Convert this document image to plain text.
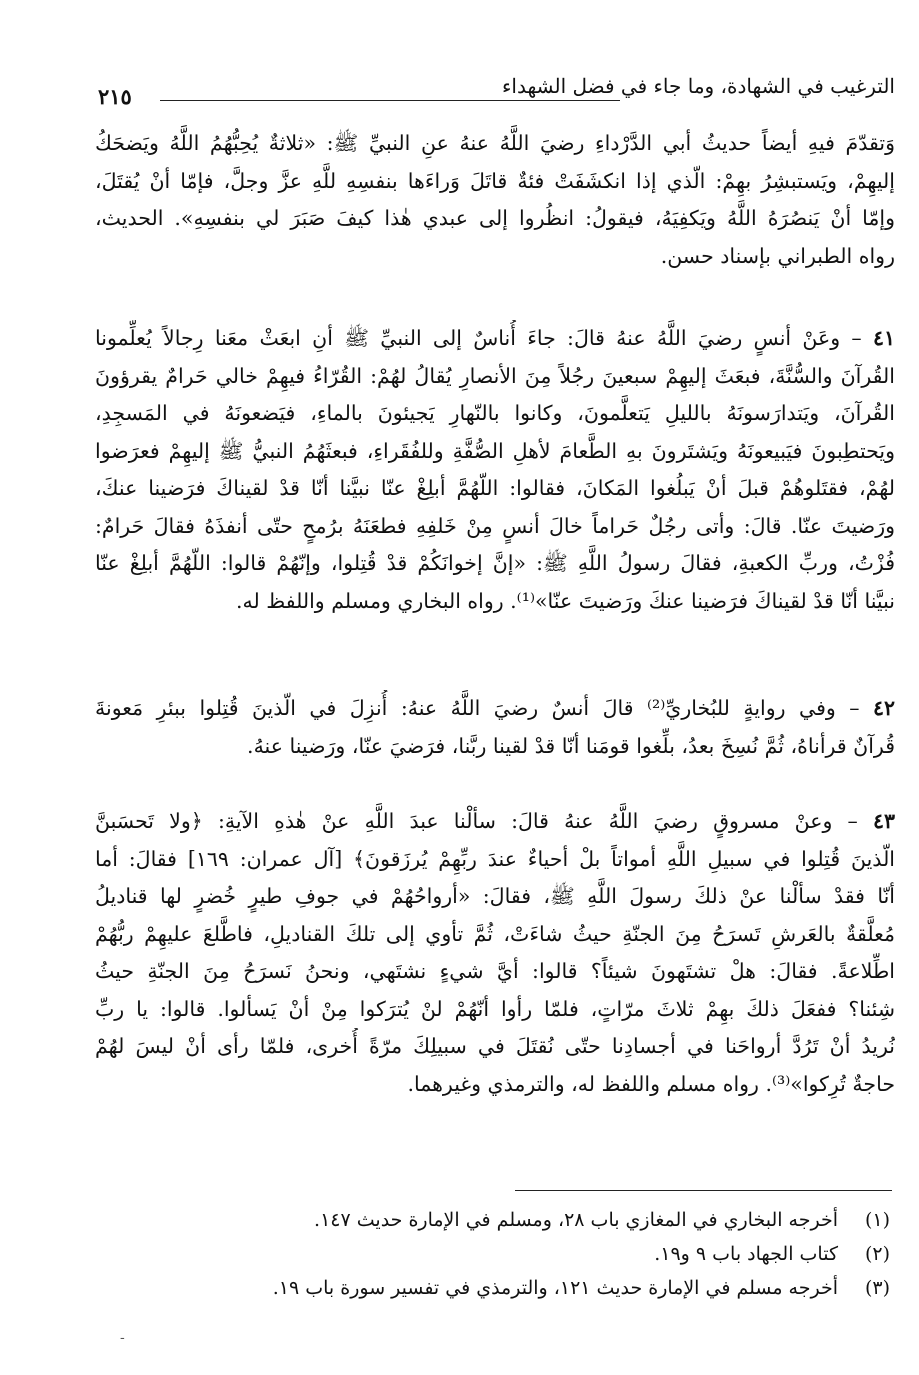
٢١٥	الترغيب في الشهادة، وما جاء في فضل الشهداء

وَتقدّمَ فيهِ أيضاً حديثُ أبي الدَّرْداءِ رضيَ اللَّهُ عنهُ عنِ النبيِّ ﷺ: «ثلاثةٌ يُحِبُّهُمُ اللَّهُ ويَضحَكُ
إليهِمْ، ويَستبشِرُ بهِمْ: الّذي إذا انكشَفَتْ فئةٌ قاتَلَ وَراءَها بنفسِهِ للَّهِ عزَّ وجلَّ، فإمّا أنْ يُقتَلَ،
وإمّا أنْ يَنصُرَهُ اللَّهُ ويَكفِيَهُ، فيقولُ: انظُروا إلى عبدي هٰذا كيفَ صَبَرَ لي بنفسِهِ». الحديث،
رواه الطبراني بإسناد حسن.

٤١ – وعَنْ أنسٍ رضيَ اللَّهُ عنهُ قالَ: جاءَ أُناسٌ إلى النبيِّ ﷺ أنِ ابعَثْ معَنا رِجالاً يُعلِّمونا
القُرآنَ والسُّنَّةَ، فبعَثَ إليهِمْ سبعينَ رجُلاً مِنَ الأنصارِ يُقالُ لهُمْ: القُرّاءُ فيهِمْ خالي حَرامٌ يقرؤونَ
القُرآنَ، ويَتدارَسونَهُ بالليلِ يَتعلَّمونَ، وكانوا بالنّهارِ يَجيئونَ بالماءِ، فيَضعونَهُ في المَسجِدِ،
ويَحتطِبونَ فيَبيعونَهُ ويَشتَرونَ بهِ الطَّعامَ لأهلِ الصُّفَّةِ وللفُقَراءِ، فبعثَهُمُ النبيُّ ﷺ إليهِمْ فعرَضوا
لهُمْ، فقتَلوهُمْ قبلَ أنْ يَبلُغوا المَكانَ، فقالوا: اللّهُمَّ أبلِغْ عنّا نبيَّنا أنّا قدْ لقيناكَ فرَضينا عنكَ،
ورَضيتَ عنّا. قالَ: وأتى رجُلٌ حَراماً خالَ أنسٍ مِنْ خَلفِهِ فطعَنَهُ برُمحٍ حتّى أنفذَهُ فقالَ حَرامٌ:
فُزْتُ، وربِّ الكعبةِ، فقالَ رسولُ اللَّهِ ﷺ: «إنَّ إخوانَكُمْ قدْ قُتِلوا، وإنّهُمْ قالوا: اللّهُمَّ أبلِغْ عنّا
نبيَّنا أنّا قدْ لقيناكَ فرَضينا عنكَ ورَضيتَ عنّا»⁽¹⁾. رواه البخاري ومسلم واللفظ له.

٤٢ – وفي روايةٍ للبُخاريِّ⁽²⁾ قالَ أنسٌ رضيَ اللَّهُ عنهُ: أُنزِلَ في الّذينَ قُتِلوا ببئرِ مَعونةَ
قُرآنٌ قرأناهُ، ثُمَّ نُسِخَ بعدُ، بلِّغوا قومَنا أنّا قدْ لقينا ربَّنا، فرَضيَ عنّا، ورَضينا عنهُ.

٤٣ – وعنْ مسروقٍ رضيَ اللَّهُ عنهُ قالَ: سألْنا عبدَ اللَّهِ عنْ هٰذهِ الآيةِ: ﴿ولا تَحسَبنَّ
الّذينَ قُتِلوا في سبيلِ اللَّهِ أمواتاً بلْ أحياءٌ عندَ ربِّهِمْ يُرزَقونَ﴾ [آل عمران: ١٦٩] فقالَ: أما
أنّا فقدْ سألْنا عنْ ذلكَ رسولَ اللَّهِ ﷺ، فقالَ: «أرواحُهُمْ في جوفِ طيرٍ خُضرٍ لها قناديلُ
مُعلَّقةٌ بالعَرشِ تَسرَحُ مِنَ الجنّةِ حيثُ شاءَتْ، ثُمَّ تأوي إلى تلكَ القناديلِ، فاطَّلعَ عليهِمْ ربُّهُمْ
اطِّلاعةً. فقالَ: هلْ تشتَهونَ شيئاً؟ قالوا: أيَّ شيءٍ نشتَهي، ونحنُ نَسرَحُ مِنَ الجنّةِ حيثُ
شِئنا؟ ففعَلَ ذلكَ بهِمْ ثلاثَ مرّاتٍ، فلمّا رأوا أنّهُمْ لنْ يُترَكوا مِنْ أنْ يَسألوا. قالوا: يا ربِّ
نُريدُ أنْ تَرُدَّ أرواحَنا في أجسادِنا حتّى نُقتَلَ في سبيلِكَ مرّةً أُخرى، فلمّا رأى أنْ ليسَ لهُمْ
حاجةٌ تُرِكوا»⁽³⁾. رواه مسلم واللفظ له، والترمذي وغيرهما.

(١)
أخرجه البخاري في المغازي باب ٢٨، ومسلم في الإمارة حديث ١٤٧.
(٢)
كتاب الجهاد باب ٩ و١٩.
(٣)
أخرجه مسلم في الإمارة حديث ١٢١، والترمذي في تفسير سورة باب ١٩.
-
